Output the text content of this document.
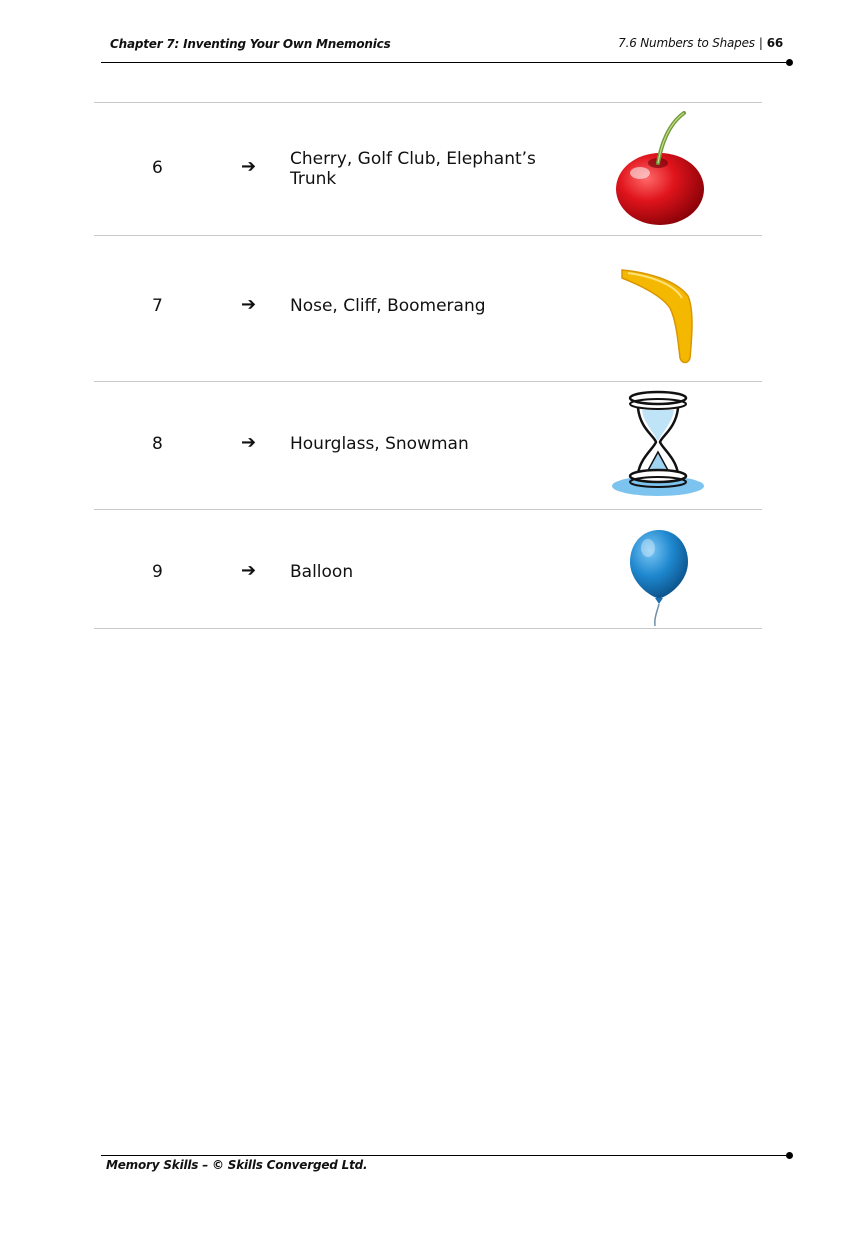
Chapter 7: Inventing Your Own Mnemonics	7.6 Numbers to Shapes | 66
6	➔ Cherry, Golf Club, Elephant’s Trunk
7	➔ Nose, Cliff, Boomerang
8	➔ Hourglass, Snowman
9	➔ Balloon
Memory Skills – © Skills Converged Ltd.
